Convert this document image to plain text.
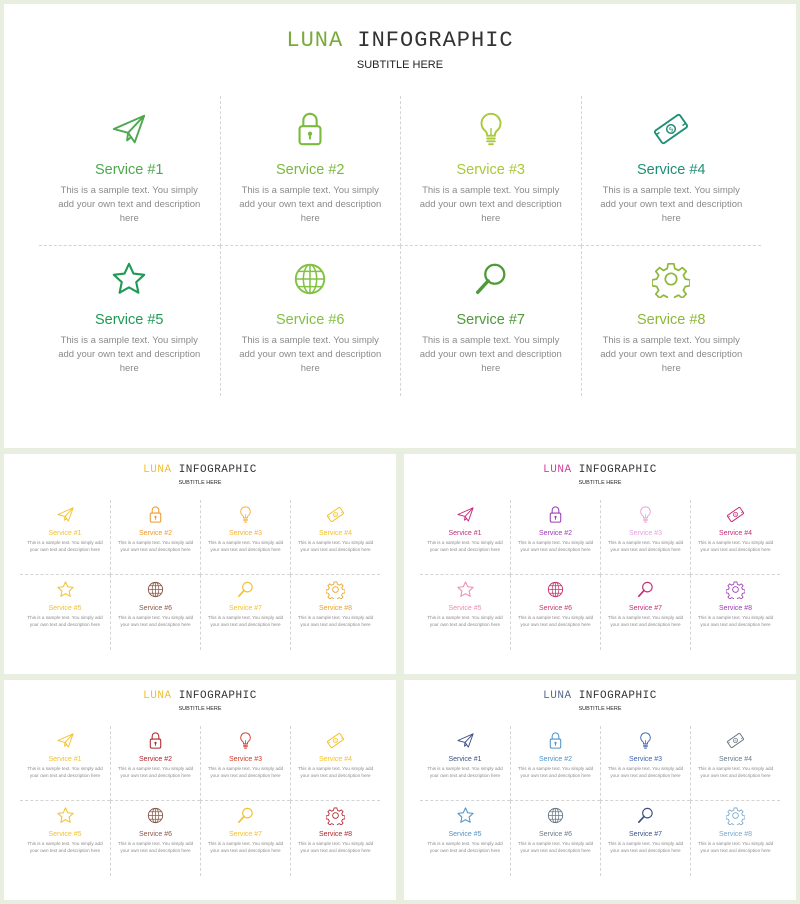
LUNA INFOGRAPHIC
SUBTITLE HERE
Service #1
This is a sample text. You simply add your own text and description here
Service #2
This is a sample text. You simply add your own text and description here
Service #3
This is a sample text. You simply add your own text and description here
$
Service #4
This is a sample text. You simply add your own text and description here
Service #5
This is a sample text. You simply add your own text and description here
Service #6
This is a sample text. You simply add your own text and description here
Service #7
This is a sample text. You simply add your own text and description here
Service #8
This is a sample text. You simply add your own text and description here
LUNA INFOGRAPHIC
SUBTITLE HERE
Service #1
This is a sample text. You simply add your own text and description here
Service #2
This is a sample text. You simply add your own text and description here
Service #3
This is a sample text. You simply add your own text and description here
$
Service #4
This is a sample text. You simply add your own text and description here
Service #5
This is a sample text. You simply add your own text and description here
Service #6
This is a sample text. You simply add your own text and description here
Service #7
This is a sample text. You simply add your own text and description here
Service #8
This is a sample text. You simply add your own text and description here
LUNA INFOGRAPHIC
SUBTITLE HERE
Service #1
This is a sample text. You simply add your own text and description here
Service #2
This is a sample text. You simply add your own text and description here
Service #3
This is a sample text. You simply add your own text and description here
$
Service #4
This is a sample text. You simply add your own text and description here
Service #5
This is a sample text. You simply add your own text and description here
Service #6
This is a sample text. You simply add your own text and description here
Service #7
This is a sample text. You simply add your own text and description here
Service #8
This is a sample text. You simply add your own text and description here
LUNA INFOGRAPHIC
SUBTITLE HERE
Service #1
This is a sample text. You simply add your own text and description here
Service #2
This is a sample text. You simply add your own text and description here
Service #3
This is a sample text. You simply add your own text and description here
$
Service #4
This is a sample text. You simply add your own text and description here
Service #5
This is a sample text. You simply add your own text and description here
Service #6
This is a sample text. You simply add your own text and description here
Service #7
This is a sample text. You simply add your own text and description here
Service #8
This is a sample text. You simply add your own text and description here
LUNA INFOGRAPHIC
SUBTITLE HERE
Service #1
This is a sample text. You simply add your own text and description here
Service #2
This is a sample text. You simply add your own text and description here
Service #3
This is a sample text. You simply add your own text and description here
$
Service #4
This is a sample text. You simply add your own text and description here
Service #5
This is a sample text. You simply add your own text and description here
Service #6
This is a sample text. You simply add your own text and description here
Service #7
This is a sample text. You simply add your own text and description here
Service #8
This is a sample text. You simply add your own text and description here
